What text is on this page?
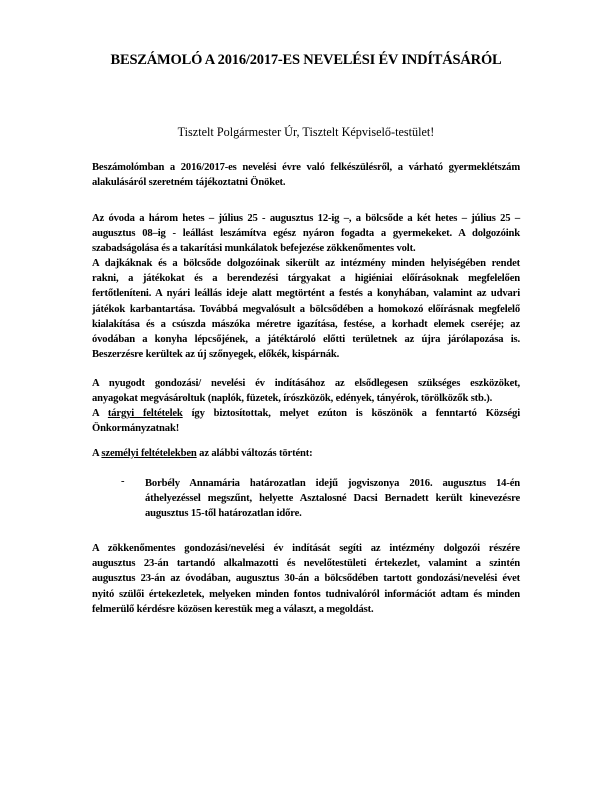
BESZÁMOLÓ A 2016/2017-ES NEVELÉSI ÉV INDÍTÁSÁRÓL
Tisztelt Polgármester Úr, Tisztelt Képviselő-testület!
Beszámolómban a 2016/2017-es nevelési évre való felkészülésről, a várható gyermeklétszám
alakulásáról szeretném tájékoztatni Önöket.
Az óvoda a három hetes – július 25 - augusztus 12-ig –, a bölcsőde a két hetes – július 25 –
augusztus 08–ig - leállást leszámítva egész nyáron fogadta a gyermekeket. A dolgozóink
szabadságolása és a takarítási munkálatok befejezése zökkenőmentes volt.
A dajkáknak és a bölcsőde dolgozóinak sikerült az intézmény minden helyiségében rendet
rakni, a játékokat és a berendezési tárgyakat a higiéniai előírásoknak megfelelően
fertőtleníteni. A nyári leállás ideje alatt megtörtént a festés a konyhában, valamint az udvari
játékok karbantartása. Továbbá megvalósult a bölcsődében a homokozó előírásnak megfelelő
kialakítása és a csúszda mászóka méretre igazítása, festése, a korhadt elemek cseréje; az
óvodában a konyha lépcsőjének, a játéktároló előtti területnek az újra járólapozása is.
Beszerzésre kerültek az új szőnyegek, előkék, kispárnák.
A nyugodt gondozási/ nevelési év indításához az elsődlegesen szükséges eszközöket,
anyagokat megvásároltuk (naplók, füzetek, írószközök, edények, tányérok, törölközők stb.).
A tárgyi feltételek így biztosítottak, melyet ezúton is köszönök a fenntartó Községi
Önkormányzatnak!
A személyi feltételekben az alábbi változás történt:
- Borbély Annamária határozatlan idejű jogviszonya 2016. augusztus 14-én
áthelyezéssel megszűnt, helyette Asztalosné Dacsi Bernadett került kinevezésre
augusztus 15-től határozatlan időre.
A zökkenőmentes gondozási/nevelési év indítását segíti az intézmény dolgozói részére
augusztus 23-án tartandó alkalmazotti és nevelőtestületi értekezlet, valamint a szintén
augusztus 23-án az óvodában, augusztus 30-án a bölcsődében tartott gondozási/nevelési évet
nyitó szülői értekezletek, melyeken minden fontos tudnivalóról információt adtam és minden
felmerülő kérdésre közösen kerestük meg a választ, a megoldást.
